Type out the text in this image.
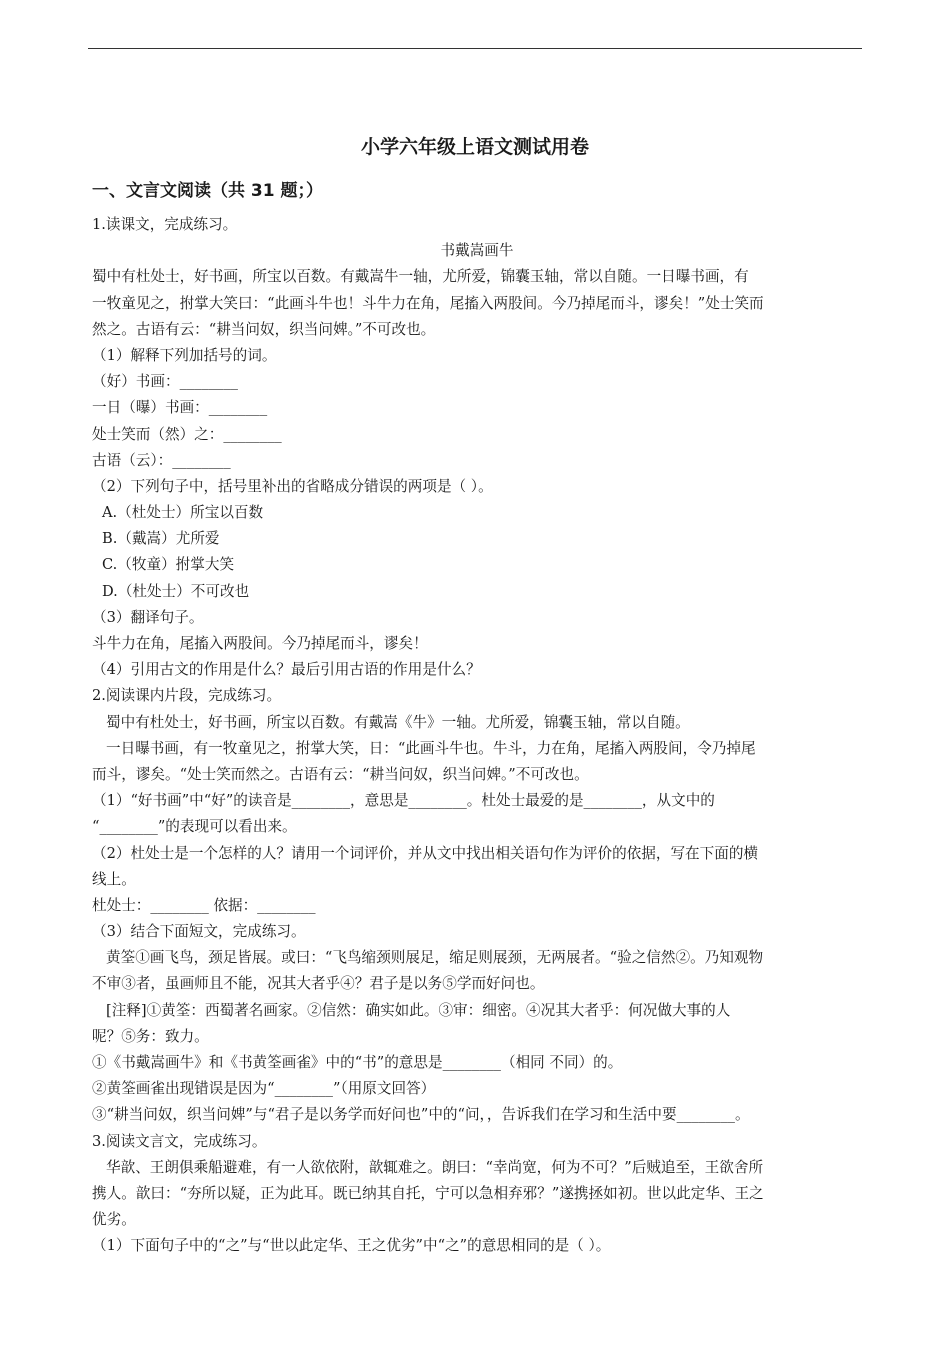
小学六年级上语文测试用卷
一、文言文阅读（共 31 题；）
1.读课文，完成练习。
书戴嵩画牛
蜀中有杜处士，好书画，所宝以百数。有戴嵩牛一轴，尤所爱，锦囊玉轴，常以自随。一日曝书画，有
一牧童见之，拊掌大笑曰：“此画斗牛也！斗牛力在角，尾搐入两股间。今乃掉尾而斗，谬矣！”处士笑而
然之。古语有云：“耕当问奴，织当问婢。”不可改也。
（1）解释下列加括号的词。
（好）书画：________
一日（曝）书画：________
处士笑而（然）之：________
古语（云）：________
（2）下列句子中，括号里补出的省略成分错误的两项是（ ）。
A.（杜处士）所宝以百数
B.（戴嵩）尤所爱
C.（牧童）拊掌大笑
D.（杜处士）不可改也
（3）翻译句子。
斗牛力在角，尾搐入两股间。今乃掉尾而斗，谬矣！
（4）引用古文的作用是什么？最后引用古语的作用是什么？
2.阅读课内片段，完成练习。
蜀中有杜处士，好书画，所宝以百数。有戴嵩《牛》一轴。尤所爱，锦囊玉轴，常以自随。
一日曝书画，有一牧童见之，拊掌大笑，日：“此画斗牛也。牛斗，力在角，尾搐入两股间，令乃掉尾
而斗，谬矣。“处士笑而然之。古语有云：“耕当问奴，织当问婢。”不可改也。
（1）“好书画”中“好”的读音是________，意思是________。杜处士最爱的是________，从文中的
“________”的表现可以看出来。
（2）杜处士是一个怎样的人？请用一个词评价，并从文中找出相关语句作为评价的依据，写在下面的横
线上。
杜处士：________ 依据：________
（3）结合下面短文，完成练习。
黄筌①画飞鸟，颈足皆展。或曰：“飞鸟缩颈则展足，缩足则展颈，无两展者。“验之信然②。乃知观物
不审③者，虽画师且不能，况其大者乎④？君子是以务⑤学而好问也。
[注释]①黄筌：西蜀著名画家。②信然：确实如此。③审：细密。④况其大者乎：何况做大事的人
呢？⑤务：致力。
①《书戴嵩画牛》和《书黄筌画雀》中的“书”的意思是________（相同 不同）的。
②黄筌画雀出现错误是因为“________”（用原文回答）
③“耕当问奴，织当问婢”与“君子是以务学而好问也”中的“问，，告诉我们在学习和生活中要________。
3.阅读文言文，完成练习。
华歆、王朗俱乘船避难，有一人欲依附，歆辄难之。朗曰：“幸尚宽，何为不可？”后贼追至，王欲舍所
携人。歆曰：“夯所以疑，正为此耳。既已纳其自托，宁可以急相弃邪？”遂携拯如初。世以此定华、王之
优劣。
（1）下面句子中的“之”与“世以此定华、王之优劣”中“之”的意思相同的是（ ）。
